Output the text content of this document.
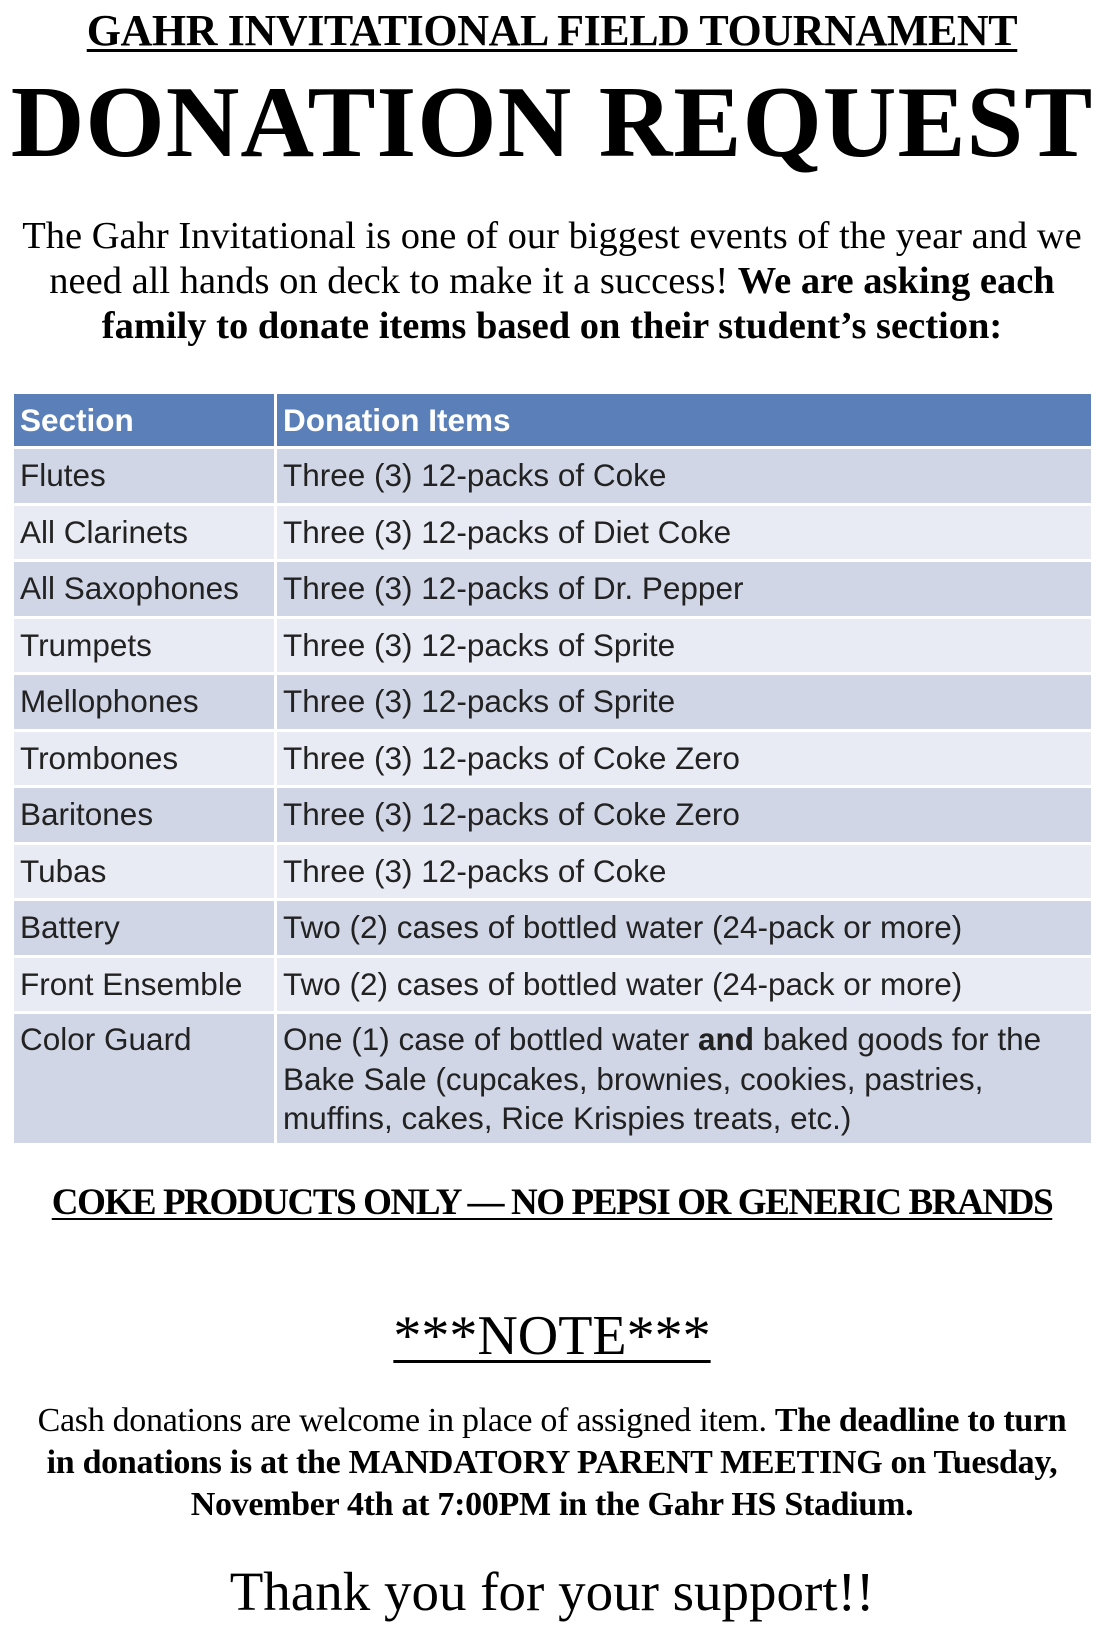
GAHR INVITATIONAL FIELD TOURNAMENT
DONATION REQUEST

The Gahr Invitational is one of our biggest events of the year and we need all hands on deck to make it a success! We are asking each family to donate items based on their student’s section:

Section	Donation Items
Flutes	Three (3) 12-packs of Coke
All Clarinets	Three (3) 12-packs of Diet Coke
All Saxophones	Three (3) 12-packs of Dr. Pepper
Trumpets	Three (3) 12-packs of Sprite
Mellophones	Three (3) 12-packs of Sprite
Trombones	Three (3) 12-packs of Coke Zero
Baritones	Three (3) 12-packs of Coke Zero
Tubas	Three (3) 12-packs of Coke
Battery	Two (2) cases of bottled water (24-pack or more)
Front Ensemble	Two (2) cases of bottled water (24-pack or more)
Color Guard	One (1) case of bottled water and baked goods for the Bake Sale (cupcakes, brownies, cookies, pastries, muffins, cakes, Rice Krispies treats, etc.)
COKE PRODUCTS ONLY — NO PEPSI OR GENERIC BRANDS
***NOTE***

Cash donations are welcome in place of assigned item. The deadline to turn in donations is at the MANDATORY PARENT MEETING on Tuesday, November 4th at 7:00PM in the Gahr HS Stadium.

Thank you for your support!!
